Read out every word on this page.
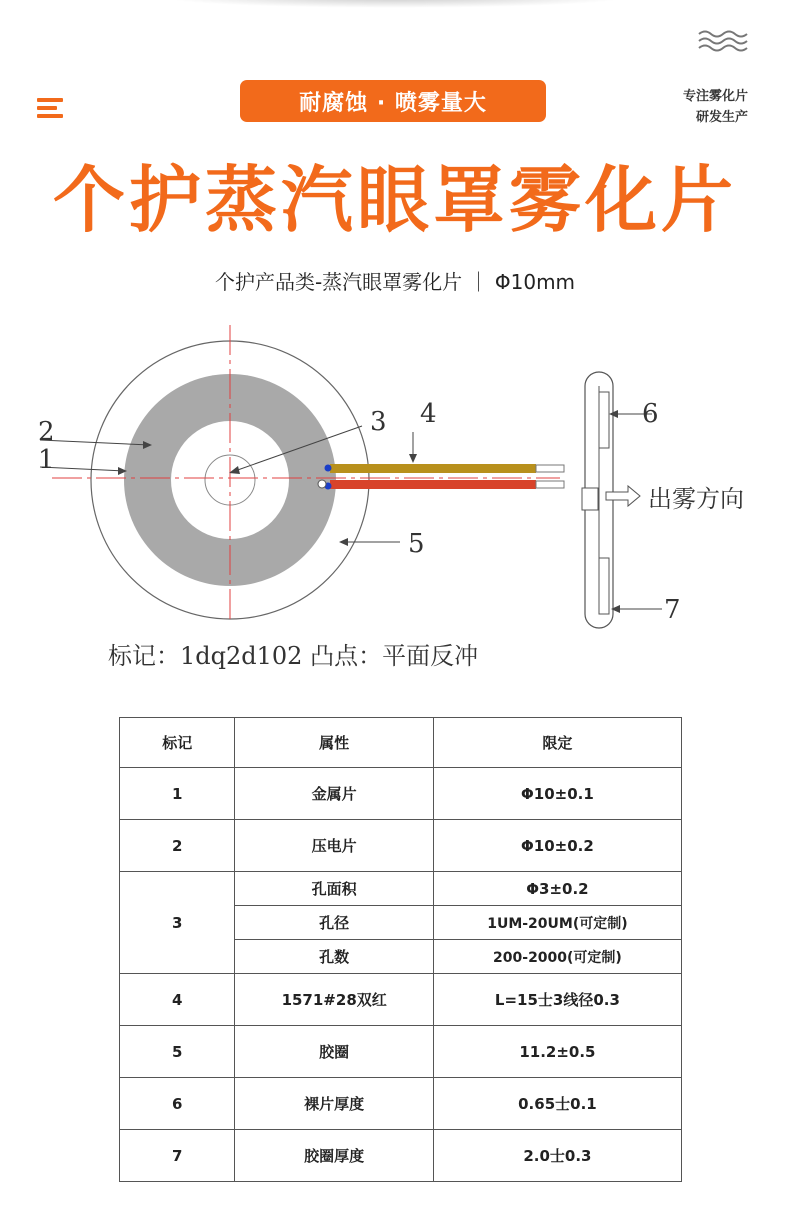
耐腐蚀 · 喷雾量大	专注雾化片
研发生产
个护蒸汽眼罩雾化片
个护产品类-蒸汽眼罩雾化片 ｜ Φ10mm
1
2	3 4
5
6
7
出雾方向
标记：1dq2d102 凸点：平面反冲
标记	属性	限定
1	金属片	Φ10±0.1
2	压电片	Φ10±0.2
3	孔面积	Φ3±0.2
	孔径	1UM-20UM(可定制)
	孔数	200-2000(可定制)
4	1571#28双红	L=15士3线径0.3
5	胶圈	11.2±0.5
6	裸片厚度	0.65士0.1
7	胶圈厚度	2.0士0.3
